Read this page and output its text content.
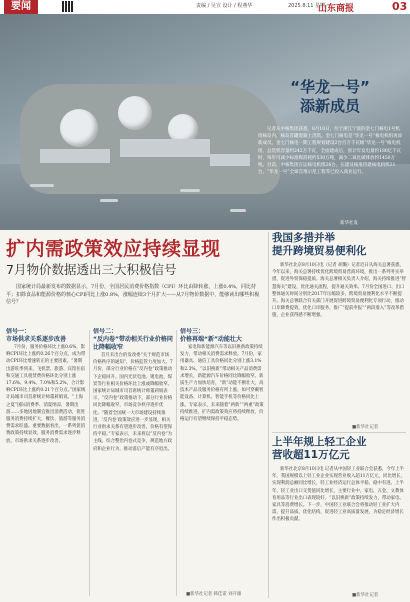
要闻	责编 / 吴宣 设计 / 程燕华	2025.8.11 星期一
山东商报	03
“华龙一号”
添新成员
记者从中核集团获悉，8月10日，位于浙江宁波的金七门核电1号机组核岛内，核岛首罐混凝土浇筑。金七门核电是“华龙一号”核电机组再添新成员。金七门核电一期工程规划建设2台百万千瓦级“华龙一号”核电机组，总装机容量约242万千瓦，全面建成后，预计年发电量约180亿千瓦时，每年可减少标准煤消耗约530万吨，减少二氧化碳排放约1450万吨。目前，中核集团在运核电机组26台，在建及核准待建核电机组21台，“华龙一号”全球首堆示范工程等已投入商业运行。
新华社发
扩内需政策效应持续显现
7月物价数据透出三大积极信号
国家统计局最新发布的数据显示，7月份，全国居民消费价格指数（CPI）环比由降转涨，上涨0.4%，同比持平；扣除食品和能源价格的核心CPI同比上涨0.8%，涨幅连续3个月扩大——从7月物价数据中，能够读出哪些积极信号？
信号一：
市场供求关系逐步改善
7月份，服务价格环比上涨0.6%，影响CPI环比上涨约0.26个百分点，成为带动CPI环比增速转正的主要因素。“暑期出游旺季到来，飞机票、旅游、宾馆住宿和交通工具租赁费价格环比分别上涨17.6%、9.4%、7.0%和5.2%，合计影响CPI环比上涨约0.21个百分点。”国家统计局城市司首席统计师董莉娟说。“上海之夏”国际消费季、消夏纳凉、暑期出游……多地因地制宜推出消费活动，促进服务消费持续扩大，餐饮、旅游等服务消费需求旺盛。重要数据看出，一系列促消费政策持续显效，服务消费需求逐步释放，市场供求关系逐步改善。
信号二：
“反内卷”带动相关行业价格同比降幅收窄
首月未出台的发改委“关于规范市场价格秩序的通知”，价格监管力度加大。7月份，部分行业价格在“反内卷”政策推动下企稳回升。国内光伏电池、锂电池、煤炭等行业相关价格环比上涨或降幅收窄。国家统计局城市司首席统计师董莉娟表示，“反内卷”政策推动下，部分行业价格同比降幅收窄，市场竞争秩序逐步优化。“随着全国统一大市场建设持续推进，‘反内卷’政策效应进一步显现，相关行业供求关系有望逐步改善，价格有望保持平稳。”专家表示，未来将以“反内卷”为主线，综合整治内卷式竞争，规范地方政府和企业行为，推动落后产能有序退出。
信号三：
价格再端“新”动能壮大
家电和新能源汽车等以旧换新政策持续发力，带动相关消费需求释放。7月份，家用器具、通信工具价格同比分别上涨3.1%和2.3%，“以旧换新”带动相关产品消费需求增长，新能源汽车价格同比降幅收窄。新质生产力加快培育，“新”动能不断壮大，高技术产品及服务价格有所上涨，如可穿戴智能设备、计算机、智能手机等价格同比上涨。专家表示，未来随着“两新”“两重”政策持续推进，扩内需政策效应将持续释放，价格运行有望继续保持平稳态势。
■新华社记者 韩佳诺 刘开雄
我国多措并举
提升跨境贸易便利化
新华社北京8月10日电（记者 胡璐）记者近日从海关总署获悉，今年以来，海关总署持续优化跨境贸易营商环境，推出一系列务实举措，促进外贸保稳提质。海关总署相关负责人介绍，海关持续推进“智慧海关”建设，优化通关流程，提升通关效率。7月份全国进口、出口整体通关时间分别比2017年压缩较多，跨境贸易便利化水平不断提升。海关总署联合有关部门开展促进跨境贸易便利化专项行动，推动口岸降费提效，优化口岸服务，推广“提前申报”“两段准入”等改革措施，企业获得感不断增强。
■新华社记者
上半年规上轻工企业
营收超11万亿元
新华社北京8月10日电 记者从中国轻工业联合会获悉，今年上半年，我国规模以上轻工业企业实现营业收入超11万亿元，同比增长，实现利润总额同比增长，轻工业经济运行总体平稳、稳中有进。上半年，轻工业出口交货值同比增长，主要行业中，家电、五金、文教体育用品等行业出口表现较好。“以旧换新”政策持续发力，带动家电、家具等消费增长。下一步，中国轻工业联合会将推动轻工业扩大内需、提升品质、优化结构，促进轻工业高质量发展，为稳定经济增长作出积极贡献。
■新华社记者
